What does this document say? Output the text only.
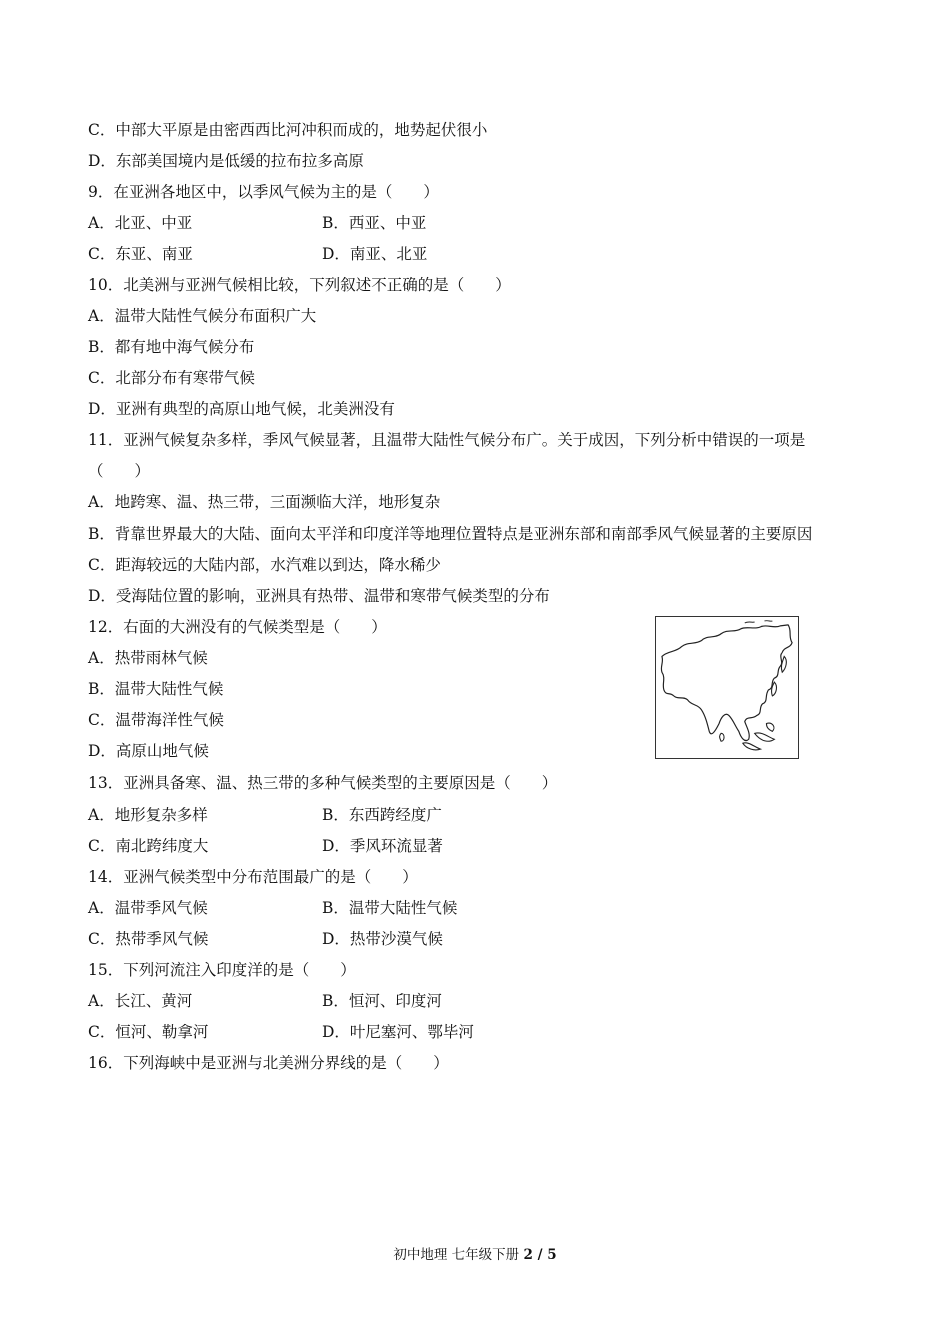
C．中部大平原是由密西西比河冲积而成的，地势起伏很小
D．东部美国境内是低缓的拉布拉多高原
9．在亚洲各地区中，以季风气候为主的是（　　）
A．北亚、中亚	B．西亚、中亚
C．东亚、南亚	D．南亚、北亚
10．北美洲与亚洲气候相比较，下列叙述不正确的是（　　）
A．温带大陆性气候分布面积广大
B．都有地中海气候分布
C．北部分布有寒带气候
D．亚洲有典型的高原山地气候，北美洲没有
11．亚洲气候复杂多样，季风气候显著，且温带大陆性气候分布广。关于成因，下列分析中错误的一项是
（　　）
A．地跨寒、温、热三带，三面濒临大洋，地形复杂
B．背靠世界最大的大陆、面向太平洋和印度洋等地理位置特点是亚洲东部和南部季风气候显著的主要原因
C．距海较远的大陆内部，水汽难以到达，降水稀少
D．受海陆位置的影响，亚洲具有热带、温带和寒带气候类型的分布
12．右面的大洲没有的气候类型是（　　）
A．热带雨林气候
B．温带大陆性气候
C．温带海洋性气候
D．高原山地气候
13．亚洲具备寒、温、热三带的多种气候类型的主要原因是（　　）
A．地形复杂多样	B．东西跨经度广
C．南北跨纬度大	D．季风环流显著
14．亚洲气候类型中分布范围最广的是（　　）
A．温带季风气候	B．温带大陆性气候
C．热带季风气候	D．热带沙漠气候
15．下列河流注入印度洋的是（　　）
A．长江、黄河	B．恒河、印度河
C．恒河、勒拿河	D．叶尼塞河、鄂毕河
16．下列海峡中是亚洲与北美洲分界线的是（　　）
初中地理 七年级下册 2 / 5
